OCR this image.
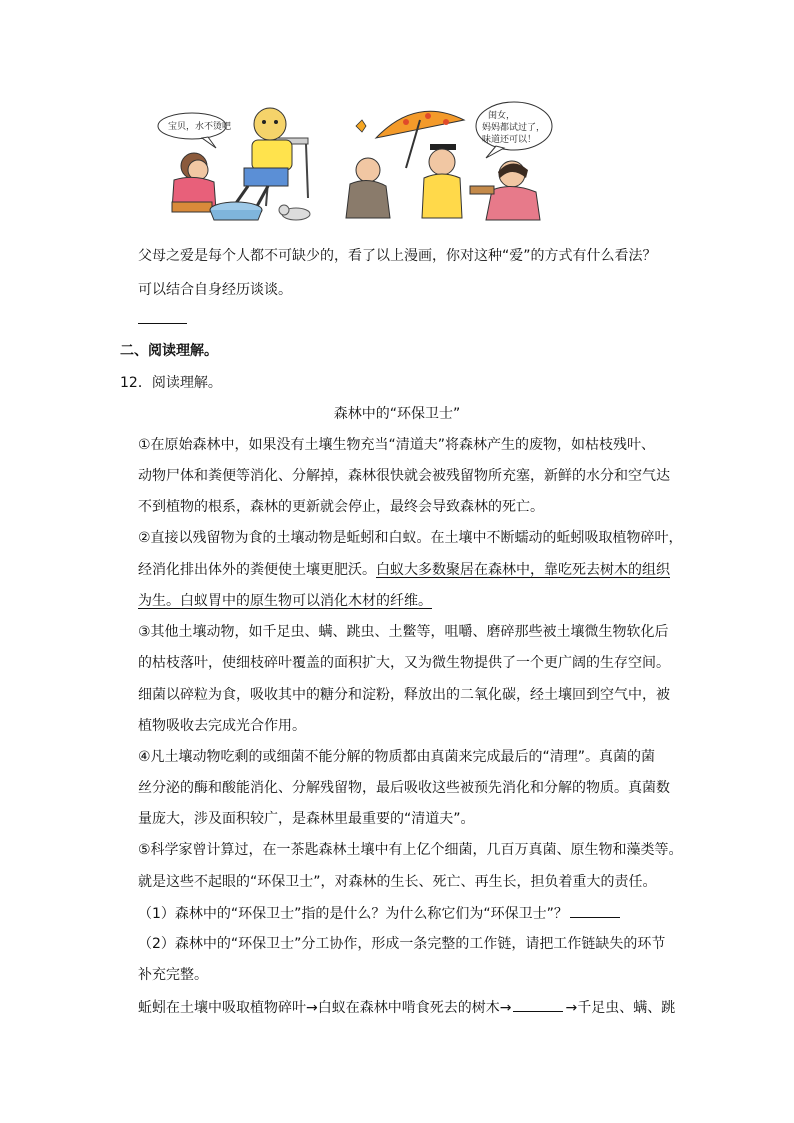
宝贝，水不烫吧
闺女，
妈妈都试过了，
味道还可以！
父母之爱是每个人都不可缺少的，看了以上漫画，你对这种“爱”的方式有什么看法？
可以结合自身经历谈谈。
二、阅读理解。
12．阅读理解。
森林中的“环保卫士”
①在原始森林中，如果没有土壤生物充当“清道夫”将森林产生的废物，如枯枝残叶、
动物尸体和粪便等消化、分解掉，森林很快就会被残留物所充塞，新鲜的水分和空气达
不到植物的根系，森林的更新就会停止，最终会导致森林的死亡。
②直接以残留物为食的土壤动物是蚯蚓和白蚁。在土壤中不断蠕动的蚯蚓吸取植物碎叶，
经消化排出体外的粪便使土壤更肥沃。白蚁大多数聚居在森林中，靠吃死去树木的组织
为生。白蚁胃中的原生物可以消化木材的纤维。
③其他土壤动物，如千足虫、螨、跳虫、土鳖等，咀嚼、磨碎那些被土壤微生物软化后
的枯枝落叶，使细枝碎叶覆盖的面积扩大，又为微生物提供了一个更广阔的生存空间。
细菌以碎粒为食，吸收其中的糖分和淀粉，释放出的二氧化碳，经土壤回到空气中，被
植物吸收去完成光合作用。
④凡土壤动物吃剩的或细菌不能分解的物质都由真菌来完成最后的“清理”。真菌的菌
丝分泌的酶和酸能消化、分解残留物，最后吸收这些被预先消化和分解的物质。真菌数
量庞大，涉及面积较广，是森林里最重要的“清道夫”。
⑤科学家曾计算过，在一茶匙森林土壤中有上亿个细菌，几百万真菌、原生物和藻类等。
就是这些不起眼的“环保卫士”，对森林的生长、死亡、再生长，担负着重大的责任。
（1）森林中的“环保卫士”指的是什么？为什么称它们为“环保卫士”？
（2）森林中的“环保卫士”分工协作，形成一条完整的工作链，请把工作链缺失的环节
补充完整。
蚯蚓在土壤中吸取植物碎叶→白蚁在森林中啃食死去的树木→	→千足虫、螨、跳
